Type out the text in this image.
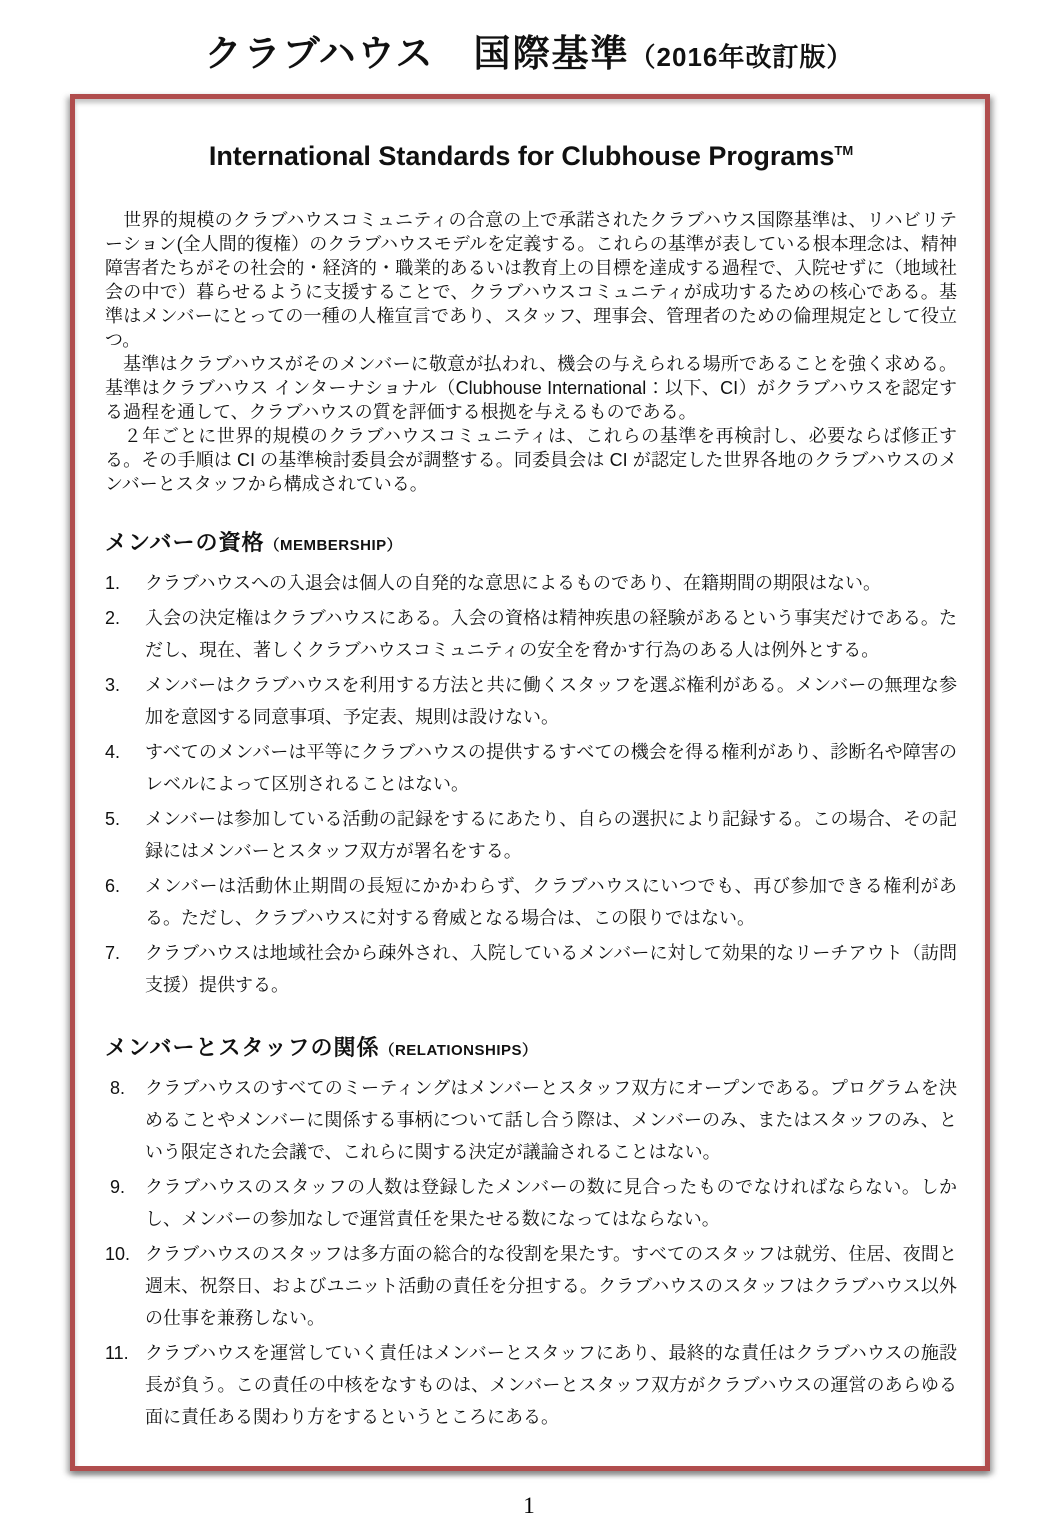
クラブハウス　国際基準（2016年改訂版）
International Standards for Clubhouse Programs™

　世界的規模のクラブハウスコミュニティの合意の上で承諾されたクラブハウス国際基準は、リハビリテーション(全人間的復権）のクラブハウスモデルを定義する。これらの基準が表している根本理念は、精神障害者たちがその社会的・経済的・職業的あるいは教育上の目標を達成する過程で、入院せずに（地域社会の中で）暮らせるように支援することで、クラブハウスコミュニティが成功するための核心である。基準はメンバーにとっての一種の人権宣言であり、スタッフ、理事会、管理者のための倫理規定として役立つ。

　基準はクラブハウスがそのメンバーに敬意が払われ、機会の与えられる場所であることを強く求める。基準はクラブハウス インターナショナル（Clubhouse International：以下、CI）がクラブハウスを認定する過程を通して、クラブハウスの質を評価する根拠を与えるものである。

　２年ごとに世界的規模のクラブハウスコミュニティは、これらの基準を再検討し、必要ならば修正する。その手順は CI の基準検討委員会が調整する。同委員会は CI が認定した世界各地のクラブハウスのメンバーとスタッフから構成されている。

メンバーの資格（MEMBERSHIP）
1.	クラブハウスへの入退会は個人の自発的な意思によるものであり、在籍期間の期限はない。
2.	入会の決定権はクラブハウスにある。入会の資格は精神疾患の経験があるという事実だけである。ただし、現在、著しくクラブハウスコミュニティの安全を脅かす行為のある人は例外とする。
3.	メンバーはクラブハウスを利用する方法と共に働くスタッフを選ぶ権利がある。メンバーの無理な参加を意図する同意事項、予定表、規則は設けない。
4.	すべてのメンバーは平等にクラブハウスの提供するすべての機会を得る権利があり、診断名や障害のレベルによって区別されることはない。
5.	メンバーは参加している活動の記録をするにあたり、自らの選択により記録する。この場合、その記録にはメンバーとスタッフ双方が署名をする。
6.	メンバーは活動休止期間の長短にかかわらず、クラブハウスにいつでも、再び参加できる権利がある。ただし、クラブハウスに対する脅威となる場合は、この限りではない。
7.	クラブハウスは地域社会から疎外され、入院しているメンバーに対して効果的なリーチアウト（訪問支援）提供する。
メンバーとスタッフの関係（RELATIONSHIPS）
8.	クラブハウスのすべてのミーティングはメンバーとスタッフ双方にオープンである。プログラムを決めることやメンバーに関係する事柄について話し合う際は、メンバーのみ、またはスタッフのみ、という限定された会議で、これらに関する決定が議論されることはない。
9.	クラブハウスのスタッフの人数は登録したメンバーの数に見合ったものでなければならない。しかし、メンバーの参加なしで運営責任を果たせる数になってはならない。
10. クラブハウスのスタッフは多方面の総合的な役割を果たす。すべてのスタッフは就労、住居、夜間と週末、祝祭日、およびユニット活動の責任を分担する。クラブハウスのスタッフはクラブハウス以外の仕事を兼務しない。
11. クラブハウスを運営していく責任はメンバーとスタッフにあり、最終的な責任はクラブハウスの施設長が負う。この責任の中核をなすものは、メンバーとスタッフ双方がクラブハウスの運営のあらゆる面に責任ある関わり方をするというところにある。
1
